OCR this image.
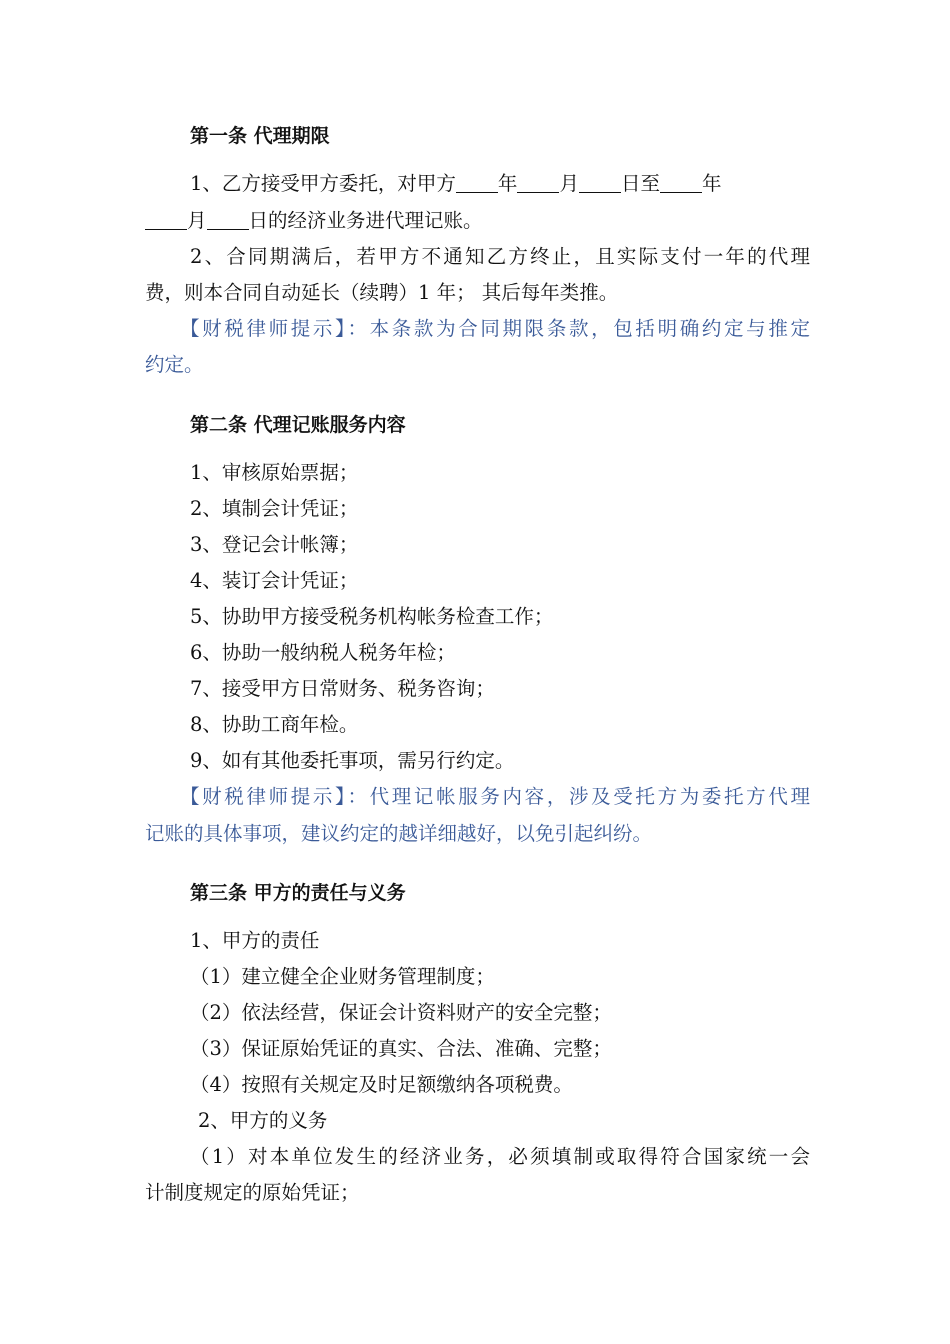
第一条 代理期限
1、乙方接受甲方委托，对甲方 年 月 日至 年
月 日的经济业务进代理记账。
2、合同期满后，若甲方不通知乙方终止，且实际支付一年的代理
费，则本合同自动延长（续聘）1 年； 其后每年类推。
【财税律师提示】：本条款为合同期限条款，包括明确约定与推定
约定。
第二条 代理记账服务内容
1、审核原始票据；
2、填制会计凭证；
3、登记会计帐簿；
4、装订会计凭证；
5、协助甲方接受税务机构帐务检查工作；
6、协助一般纳税人税务年检；
7、接受甲方日常财务、税务咨询；
8、协助工商年检。
9、如有其他委托事项，需另行约定。
【财税律师提示】：代理记帐服务内容，涉及受托方为委托方代理
记账的具体事项，建议约定的越详细越好，以免引起纠纷。
第三条 甲方的责任与义务
1、甲方的责任
（1）建立健全企业财务管理制度；
（2）依法经营，保证会计资料财产的安全完整；
（3）保证原始凭证的真实、合法、准确、完整；
（4）按照有关规定及时足额缴纳各项税费。
2、甲方的义务
（1）对本单位发生的经济业务，必须填制或取得符合国家统一会
计制度规定的原始凭证；
